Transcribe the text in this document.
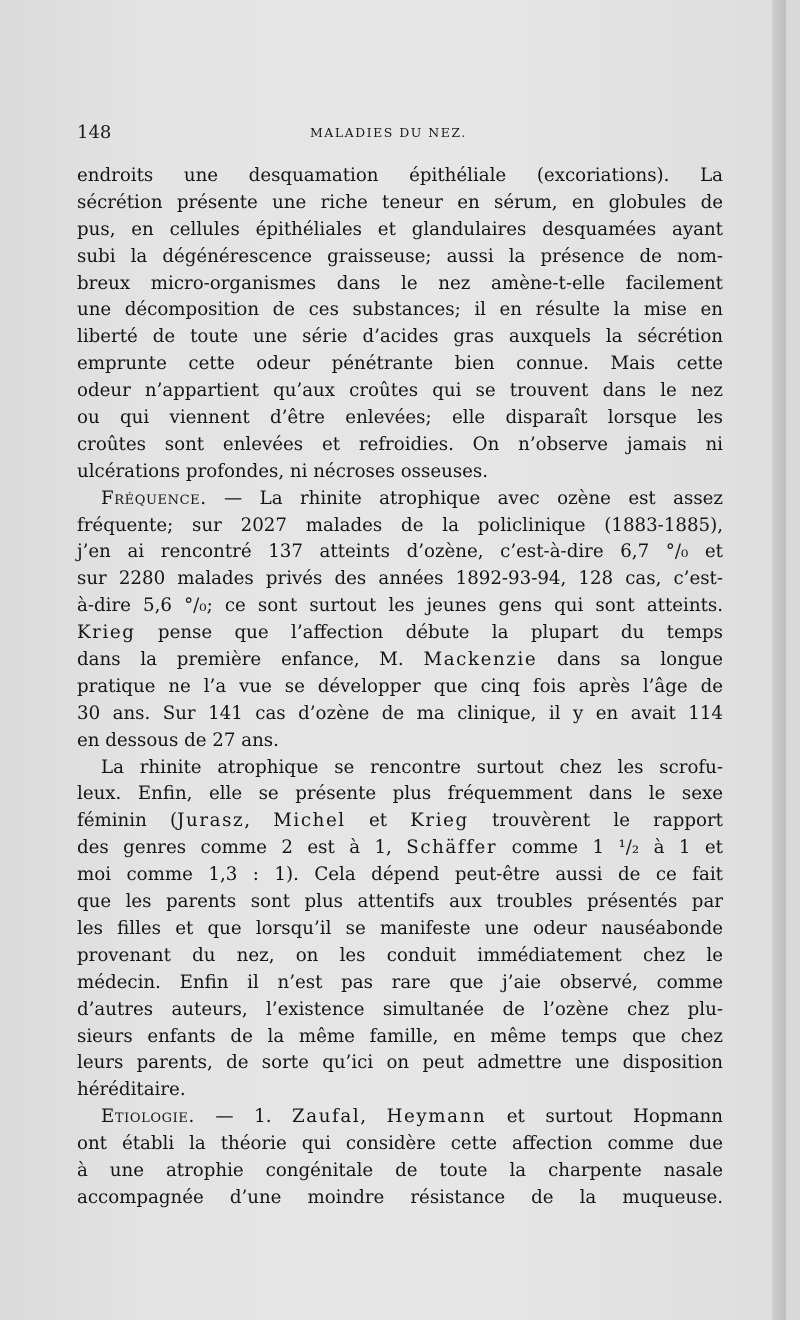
148	MALADIES DU NEZ.
endroits une desquamation épithéliale (excoriations). La
sécrétion présente une riche teneur en sérum, en globules de
pus, en cellules épithéliales et glandulaires desquamées ayant
subi la dégénérescence graisseuse; aussi la présence de nom-
breux micro-organismes dans le nez amène-t-elle facilement
une décomposition de ces substances; il en résulte la mise en
liberté de toute une série d’acides gras auxquels la sécrétion
emprunte cette odeur pénétrante bien connue. Mais cette
odeur n’appartient qu’aux croûtes qui se trouvent dans le nez
ou qui viennent d’être enlevées; elle disparaît lorsque les
croûtes sont enlevées et refroidies. On n’observe jamais ni
ulcérations profondes, ni nécroses osseuses.
Fréquence. — La rhinite atrophique avec ozène est assez
fréquente; sur 2027 malades de la policlinique (1883-1885),
j’en ai rencontré 137 atteints d’ozène, c’est-à-dire 6,7 °/₀ et
sur 2280 malades privés des années 1892-93-94, 128 cas, c’est-
à-dire 5,6 °/₀; ce sont surtout les jeunes gens qui sont atteints.
Krieg pense que l’affection débute la plupart du temps
dans la première enfance, M. Mackenzie dans sa longue
pratique ne l’a vue se développer que cinq fois après l’âge de
30 ans. Sur 141 cas d’ozène de ma clinique, il y en avait 114
en dessous de 27 ans.
La rhinite atrophique se rencontre surtout chez les scrofu-
leux. Enfin, elle se présente plus fréquemment dans le sexe
féminin (Jurasz, Michel et Krieg trouvèrent le rapport
des genres comme 2 est à 1, Schäffer comme 1 ¹/₂ à 1 et
moi comme 1,3 : 1). Cela dépend peut-être aussi de ce fait
que les parents sont plus attentifs aux troubles présentés par
les filles et que lorsqu’il se manifeste une odeur nauséabonde
provenant du nez, on les conduit immédiatement chez le
médecin. Enfin il n’est pas rare que j’aie observé, comme
d’autres auteurs, l’existence simultanée de l’ozène chez plu-
sieurs enfants de la même famille, en même temps que chez
leurs parents, de sorte qu’ici on peut admettre une disposition
héréditaire.
Etiologie. — 1. Zaufal, Heymann et surtout Hopmann
ont établi la théorie qui considère cette affection comme due
à une atrophie congénitale de toute la charpente nasale
accompagnée d’une moindre résistance de la muqueuse.
